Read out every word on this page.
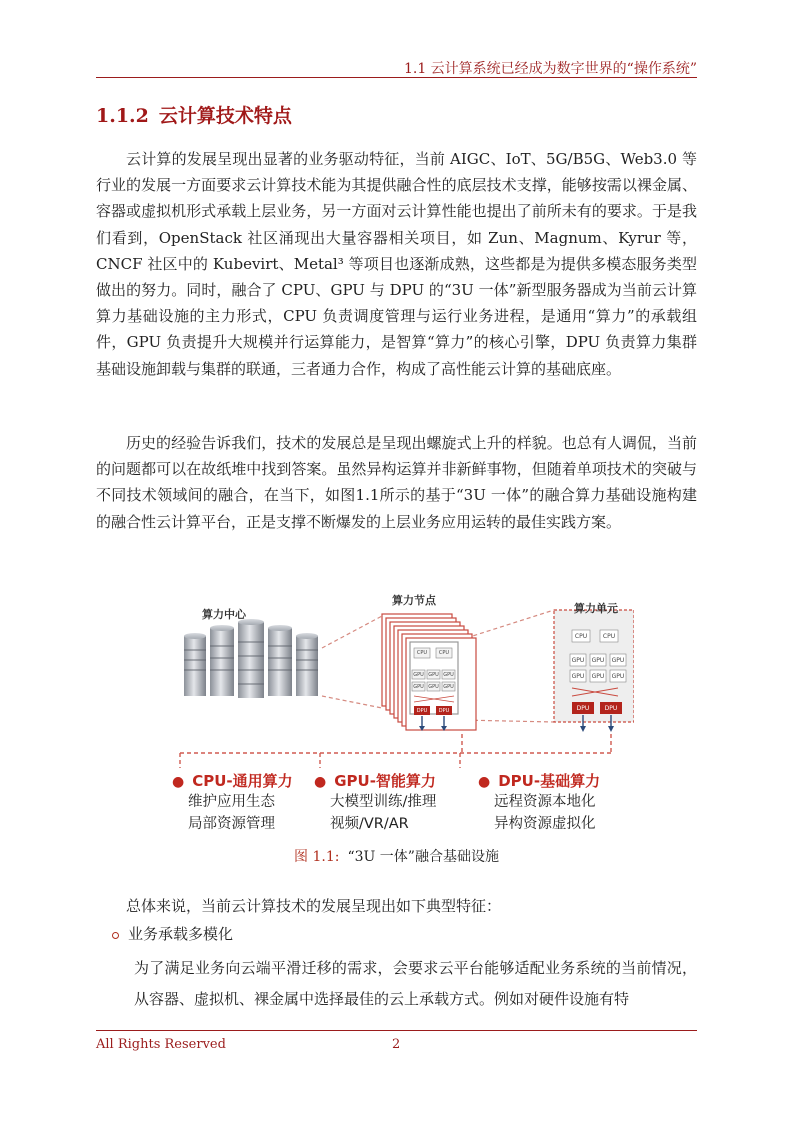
1.1 云计算系统已经成为数字世界的“操作系统”
1.1.2 云计算技术特点

云计算的发展呈现出显著的业务驱动特征，当前 AIGC、IoT、5G/B5G、Web3.0 等行业的发展一方面要求云计算技术能为其提供融合性的底层技术支撑，能够按需以裸金属、容器或虚拟机形式承载上层业务，另一方面对云计算性能也提出了前所未有的要求。于是我们看到，OpenStack 社区涌现出大量容器相关项目，如 Zun、Magnum、Kyrur 等，CNCF 社区中的 Kubevirt、Metal³ 等项目也逐渐成熟，这些都是为提供多模态服务类型做出的努力。同时，融合了 CPU、GPU 与 DPU 的“3U 一体”新型服务器成为当前云计算算力基础设施的主力形式，CPU 负责调度管理与运行业务进程，是通用“算力”的承载组件，GPU 负责提升大规模并行运算能力，是智算“算力”的核心引擎，DPU 负责算力集群基础设施卸载与集群的联通，三者通力合作，构成了高性能云计算的基础底座。

历史的经验告诉我们，技术的发展总是呈现出螺旋式上升的样貌。也总有人调侃，当前的问题都可以在故纸堆中找到答案。虽然异构运算并非新鲜事物，但随着单项技术的突破与不同技术领域间的融合，在当下，如图1.1所示的基于“3U 一体”的融合算力基础设施构建的融合性云计算平台，正是支撑不断爆发的上层业务应用运转的最佳实践方案。

算力中心
算力节点
算力单元
CPU	CPU
GPU GPU GPU
GPU GPU GPU
DPU	DPU
CPU	CPU
GPU GPU GPU
GPU GPU GPU
DPU	DPU
● CPU-通用算力
维护应用生态
局部资源管理
● GPU-智能算力
大模型训练/推理
视频/VR/AR
● DPU-基础算力
远程资源本地化
异构资源虚拟化
图 1.1: “3U 一体”融合基础设施

总体来说，当前云计算技术的发展呈现出如下典型特征：

业务承载多模化

为了满足业务向云端平滑迁移的需求，会要求云平台能够适配业务系统的当前情况，从容器、虚拟机、裸金属中选择最佳的云上承载方式。例如对硬件设施有特

All Rights Reserved	2
